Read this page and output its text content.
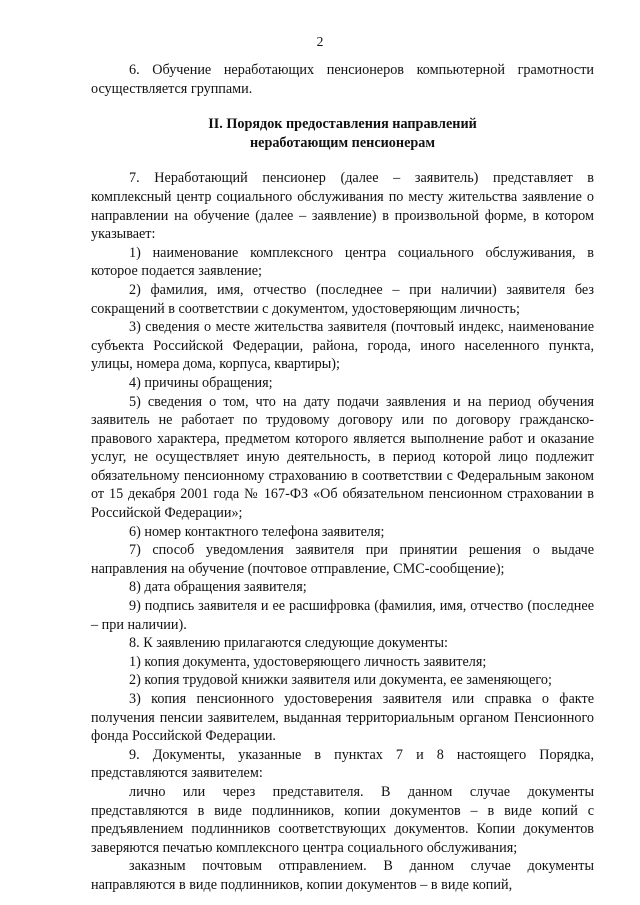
2

6. Обучение неработающих пенсионеров компьютерной грамотности осуществляется группами.

II. Порядок предоставления направлений
неработающим пенсионерам

7. Неработающий пенсионер (далее – заявитель) представляет в комплексный центр социального обслуживания по месту жительства заявление о направлении на обучение (далее – заявление) в произвольной форме, в котором указывает:

1) наименование комплексного центра социального обслуживания, в которое подается заявление;

2) фамилия, имя, отчество (последнее – при наличии) заявителя без сокращений в соответствии с документом, удостоверяющим личность;

3) сведения о месте жительства заявителя (почтовый индекс, наименование субъекта Российской Федерации, района, города, иного населенного пункта, улицы, номера дома, корпуса, квартиры);

4) причины обращения;

5) сведения о том, что на дату подачи заявления и на период обучения заявитель не работает по трудовому договору или по договору гражданско-правового характера, предметом которого является выполнение работ и оказание услуг, не осуществляет иную деятельность, в период которой лицо подлежит обязательному пенсионному страхованию в соответствии с Федеральным законом от 15 декабря 2001 года № 167-ФЗ «Об обязательном пенсионном страховании в Российской Федерации»;

6) номер контактного телефона заявителя;

7) способ уведомления заявителя при принятии решения о выдаче направления на обучение (почтовое отправление, СМС-сообщение);

8) дата обращения заявителя;

9) подпись заявителя и ее расшифровка (фамилия, имя, отчество (последнее – при наличии).

8. К заявлению прилагаются следующие документы:

1) копия документа, удостоверяющего личность заявителя;

2) копия трудовой книжки заявителя или документа, ее заменяющего;

3) копия пенсионного удостоверения заявителя или справка о факте получения пенсии заявителем, выданная территориальным органом Пенсионного фонда Российской Федерации.

9. Документы, указанные в пунктах 7 и 8 настоящего Порядка, представляются заявителем:

лично или через представителя. В данном случае документы представляются в виде подлинников, копии документов – в виде копий с предъявлением подлинников соответствующих документов. Копии документов заверяются печатью комплексного центра социального обслуживания;

заказным почтовым отправлением. В данном случае документы направляются в виде подлинников, копии документов – в виде копий,
